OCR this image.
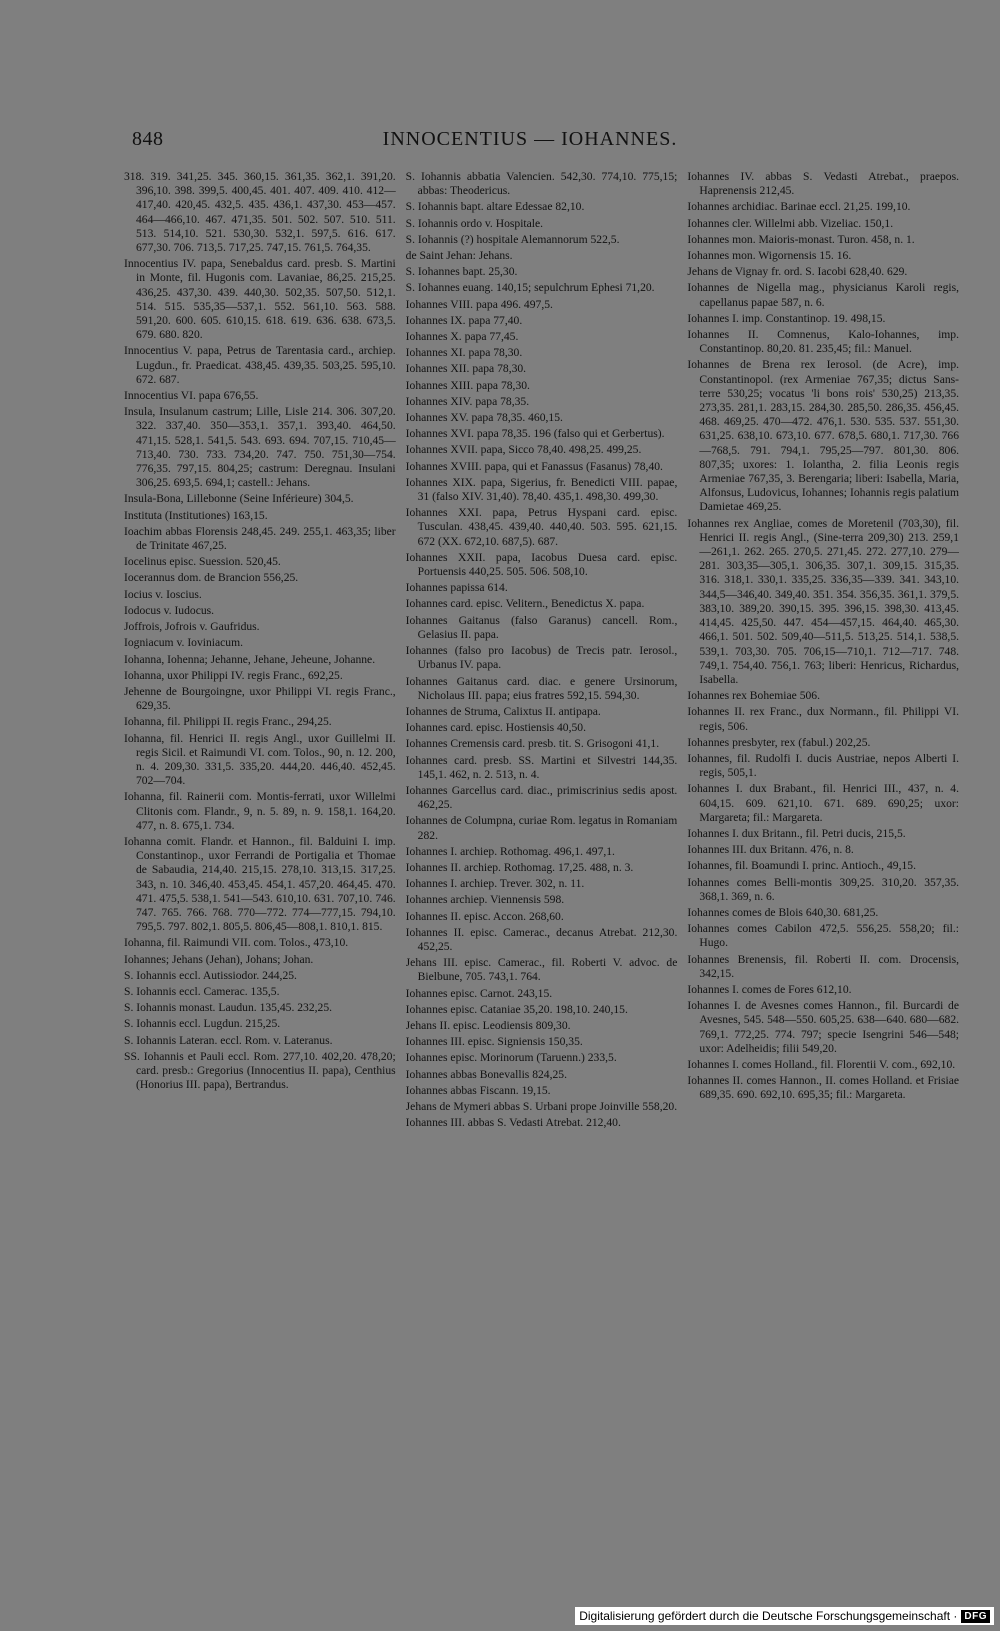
848	INNOCENTIUS — IOHANNES.

318. 319. 341,25. 345. 360,15. 361,35. 362,1. 391,20. 396,10. 398. 399,5. 400,45. 401. 407. 409. 410. 412—417,40. 420,45. 432,5. 435. 436,1. 437,30. 453—457. 464—466,10. 467. 471,35. 501. 502. 507. 510. 511. 513. 514,10. 521. 530,30. 532,1. 597,5. 616. 617. 677,30. 706. 713,5. 717,25. 747,15. 761,5. 764,35.

Innocentius IV. papa, Senebaldus card. presb. S. Martini in Monte, fil. Hugonis com. Lavaniae, 86,25. 215,25. 436,25. 437,30. 439. 440,30. 502,35. 507,50. 512,1. 514. 515. 535,35—537,1. 552. 561,10. 563. 588. 591,20. 600. 605. 610,15. 618. 619. 636. 638. 673,5. 679. 680. 820.

Innocentius V. papa, Petrus de Tarentasia card., archiep. Lugdun., fr. Praedicat. 438,45. 439,35. 503,25. 595,10. 672. 687.

Innocentius VI. papa 676,55.

Insula, Insulanum castrum; Lille, Lisle 214. 306. 307,20. 322. 337,40. 350—353,1. 357,1. 393,40. 464,50. 471,15. 528,1. 541,5. 543. 693. 694. 707,15. 710,45—713,40. 730. 733. 734,20. 747. 750. 751,30—754. 776,35. 797,15. 804,25; castrum: Deregnau. Insulani 306,25. 693,5. 694,1; castell.: Jehans.

Insula-Bona, Lillebonne (Seine Inférieure) 304,5.

Instituta (Institutiones) 163,15.

Ioachim abbas Florensis 248,45. 249. 255,1. 463,35; liber de Trinitate 467,25.

Iocelinus episc. Suession. 520,45.

Iocerannus dom. de Brancion 556,25.

Iocius v. Ioscius.

Iodocus v. Iudocus.

Joffrois, Jofrois v. Gaufridus.

Iogniacum v. Ioviniacum.

Iohanna, Iohenna; Jehanne, Jehane, Jeheune, Johanne.

Iohanna, uxor Philippi IV. regis Franc., 692,25.

Jehenne de Bourgoingne, uxor Philippi VI. regis Franc., 629,35.

Iohanna, fil. Philippi II. regis Franc., 294,25.

Iohanna, fil. Henrici II. regis Angl., uxor Guillelmi II. regis Sicil. et Raimundi VI. com. Tolos., 90, n. 12. 200, n. 4. 209,30. 331,5. 335,20. 444,20. 446,40. 452,45. 702—704.

Iohanna, fil. Rainerii com. Montis-ferrati, uxor Willelmi Clitonis com. Flandr., 9, n. 5. 89, n. 9. 158,1. 164,20. 477, n. 8. 675,1. 734.

Iohanna comit. Flandr. et Hannon., fil. Balduini I. imp. Constantinop., uxor Ferrandi de Portigalia et Thomae de Sabaudia, 214,40. 215,15. 278,10. 313,15. 317,25. 343, n. 10. 346,40. 453,45. 454,1. 457,20. 464,45. 470. 471. 475,5. 538,1. 541—543. 610,10. 631. 707,10. 746. 747. 765. 766. 768. 770—772. 774—777,15. 794,10. 795,5. 797. 802,1. 805,5. 806,45—808,1. 810,1. 815.

Iohanna, fil. Raimundi VII. com. Tolos., 473,10.

Iohannes; Jehans (Jehan), Johans; Johan.

S. Iohannis eccl. Autissiodor. 244,25.

S. Iohannis eccl. Camerac. 135,5.

S. Iohannis monast. Laudun. 135,45. 232,25.

S. Iohannis eccl. Lugdun. 215,25.

S. Iohannis Lateran. eccl. Rom. v. Lateranus.

SS. Iohannis et Pauli eccl. Rom. 277,10. 402,20. 478,20; card. presb.: Gregorius (Innocentius II. papa), Centhius (Honorius III. papa), Bertrandus.

S. Iohannis abbatia Valencien. 542,30. 774,10. 775,15; abbas: Theodericus.

S. Iohannis bapt. altare Edessae 82,10.

S. Iohannis ordo v. Hospitale.

S. Iohannis (?) hospitale Alemannorum 522,5.

de Saint Jehan: Jehans.

S. Iohannes bapt. 25,30.

S. Iohannes euang. 140,15; sepulchrum Ephesi 71,20.

Iohannes VIII. papa 496. 497,5.

Iohannes IX. papa 77,40.

Iohannes X. papa 77,45.

Iohannes XI. papa 78,30.

Iohannes XII. papa 78,30.

Iohannes XIII. papa 78,30.

Iohannes XIV. papa 78,35.

Iohannes XV. papa 78,35. 460,15.

Iohannes XVI. papa 78,35. 196 (falso qui et Gerbertus).

Iohannes XVII. papa, Sicco 78,40. 498,25. 499,25.

Iohannes XVIII. papa, qui et Fanassus (Fasanus) 78,40.

Iohannes XIX. papa, Sigerius, fr. Benedicti VIII. papae, 31 (falso XIV. 31,40). 78,40. 435,1. 498,30. 499,30.

Iohannes XXI. papa, Petrus Hyspani card. episc. Tusculan. 438,45. 439,40. 440,40. 503. 595. 621,15. 672 (XX. 672,10. 687,5). 687.

Iohannes XXII. papa, Iacobus Duesa card. episc. Portuensis 440,25. 505. 506. 508,10.

Iohannes papissa 614.

Iohannes card. episc. Velitern., Benedictus X. papa.

Iohannes Gaitanus (falso Garanus) cancell. Rom., Gelasius II. papa.

Iohannes (falso pro Iacobus) de Trecis patr. Ierosol., Urbanus IV. papa.

Iohannes Gaitanus card. diac. e genere Ursinorum, Nicholaus III. papa; eius fratres 592,15. 594,30.

Iohannes de Struma, Calixtus II. antipapa.

Iohannes card. episc. Hostiensis 40,50.

Iohannes Cremensis card. presb. tit. S. Grisogoni 41,1.

Iohannes card. presb. SS. Martini et Silvestri 144,35. 145,1. 462, n. 2. 513, n. 4.

Iohannes Garcellus card. diac., primiscrinius sedis apost. 462,25.

Iohannes de Columpna, curiae Rom. legatus in Romaniam 282.

Iohannes I. archiep. Rothomag. 496,1. 497,1.

Iohannes II. archiep. Rothomag. 17,25. 488, n. 3.

Iohannes I. archiep. Trever. 302, n. 11.

Iohannes archiep. Viennensis 598.

Iohannes II. episc. Accon. 268,60.

Iohannes II. episc. Camerac., decanus Atrebat. 212,30. 452,25.

Jehans III. episc. Camerac., fil. Roberti V. advoc. de Bielbune, 705. 743,1. 764.

Iohannes episc. Carnot. 243,15.

Iohannes episc. Cataniae 35,20. 198,10. 240,15.

Jehans II. episc. Leodiensis 809,30.

Iohannes III. episc. Signiensis 150,35.

Iohannes episc. Morinorum (Taruenn.) 233,5.

Iohannes abbas Bonevallis 824,25.

Iohannes abbas Fiscann. 19,15.

Jehans de Mymeri abbas S. Urbani prope Joinville 558,20.

Iohannes III. abbas S. Vedasti Atrebat. 212,40.

Iohannes IV. abbas S. Vedasti Atrebat., praepos. Haprenensis 212,45.

Iohannes archidiac. Barinae eccl. 21,25. 199,10.

Iohannes cler. Willelmi abb. Vizeliac. 150,1.

Iohannes mon. Maioris-monast. Turon. 458, n. 1.

Iohannes mon. Wigornensis 15. 16.

Jehans de Vignay fr. ord. S. Iacobi 628,40. 629.

Iohannes de Nigella mag., physicianus Karoli regis, capellanus papae 587, n. 6.

Iohannes I. imp. Constantinop. 19. 498,15.

Iohannes II. Comnenus, Kalo-Iohannes, imp. Constantinop. 80,20. 81. 235,45; fil.: Manuel.

Iohannes de Brena rex Ierosol. (de Acre), imp. Constantinopol. (rex Armeniae 767,35; dictus Sans-terre 530,25; vocatus 'li bons rois' 530,25) 213,35. 273,35. 281,1. 283,15. 284,30. 285,50. 286,35. 456,45. 468. 469,25. 470—472. 476,1. 530. 535. 537. 551,30. 631,25. 638,10. 673,10. 677. 678,5. 680,1. 717,30. 766—768,5. 791. 794,1. 795,25—797. 801,30. 806. 807,35; uxores: 1. Iolantha, 2. filia Leonis regis Armeniae 767,35, 3. Berengaria; liberi: Isabella, Maria, Alfonsus, Ludovicus, Iohannes; Iohannis regis palatium Damietae 469,25.

Iohannes rex Angliae, comes de Moretenil (703,30), fil. Henrici II. regis Angl., (Sine-terra 209,30) 213. 259,1—261,1. 262. 265. 270,5. 271,45. 272. 277,10. 279—281. 303,35—305,1. 306,35. 307,1. 309,15. 315,35. 316. 318,1. 330,1. 335,25. 336,35—339. 341. 343,10. 344,5—346,40. 349,40. 351. 354. 356,35. 361,1. 379,5. 383,10. 389,20. 390,15. 395. 396,15. 398,30. 413,45. 414,45. 425,50. 447. 454—457,15. 464,40. 465,30. 466,1. 501. 502. 509,40—511,5. 513,25. 514,1. 538,5. 539,1. 703,30. 705. 706,15—710,1. 712—717. 748. 749,1. 754,40. 756,1. 763; liberi: Henricus, Richardus, Isabella.

Iohannes rex Bohemiae 506.

Iohannes II. rex Franc., dux Normann., fil. Philippi VI. regis, 506.

Iohannes presbyter, rex (fabul.) 202,25.

Iohannes, fil. Rudolfi I. ducis Austriae, nepos Alberti I. regis, 505,1.

Iohannes I. dux Brabant., fil. Henrici III., 437, n. 4. 604,15. 609. 621,10. 671. 689. 690,25; uxor: Margareta; fil.: Margareta.

Iohannes I. dux Britann., fil. Petri ducis, 215,5.

Iohannes III. dux Britann. 476, n. 8.

Iohannes, fil. Boamundi I. princ. Antioch., 49,15.

Iohannes comes Belli-montis 309,25. 310,20. 357,35. 368,1. 369, n. 6.

Iohannes comes de Blois 640,30. 681,25.

Iohannes comes Cabilon 472,5. 556,25. 558,20; fil.: Hugo.

Iohannes Brenensis, fil. Roberti II. com. Drocensis, 342,15.

Iohannes I. comes de Fores 612,10.

Iohannes I. de Avesnes comes Hannon., fil. Burcardi de Avesnes, 545. 548—550. 605,25. 638—640. 680—682. 769,1. 772,25. 774. 797; specie Isengrini 546—548; uxor: Adelheidis; filii 549,20.

Iohannes I. comes Holland., fil. Florentii V. com., 692,10.

Iohannes II. comes Hannon., II. comes Holland. et Frisiae 689,35. 690. 692,10. 695,35; fil.: Margareta.

Digitalisierung gefördert durch die Deutsche Forschungsgemeinschaft · DFG
